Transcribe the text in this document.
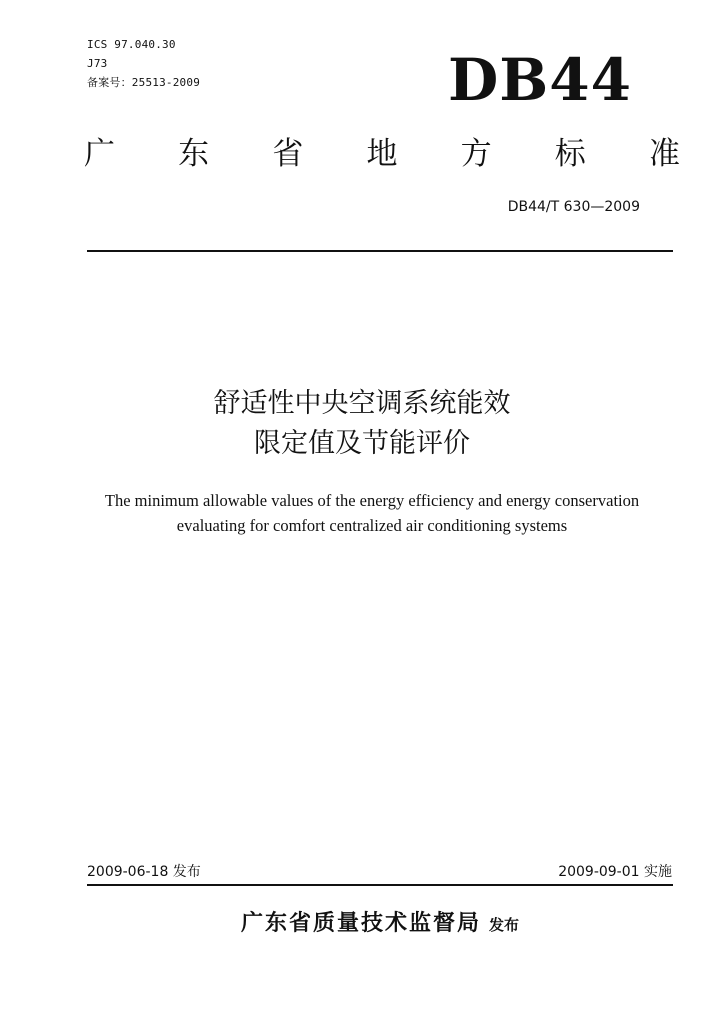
ICS 97.040.30
J73
备案号：25513-2009	DB44
广 东 省 地 方 标 准
DB44/T 630—2009
舒适性中央空调系统能效
限定值及节能评价
The minimum allowable values of the energy efficiency and energy conservation
evaluating for comfort centralized air conditioning systems
2009-06-18 发布	2009-09-01 实施
广东省质量技术监督局 发布
